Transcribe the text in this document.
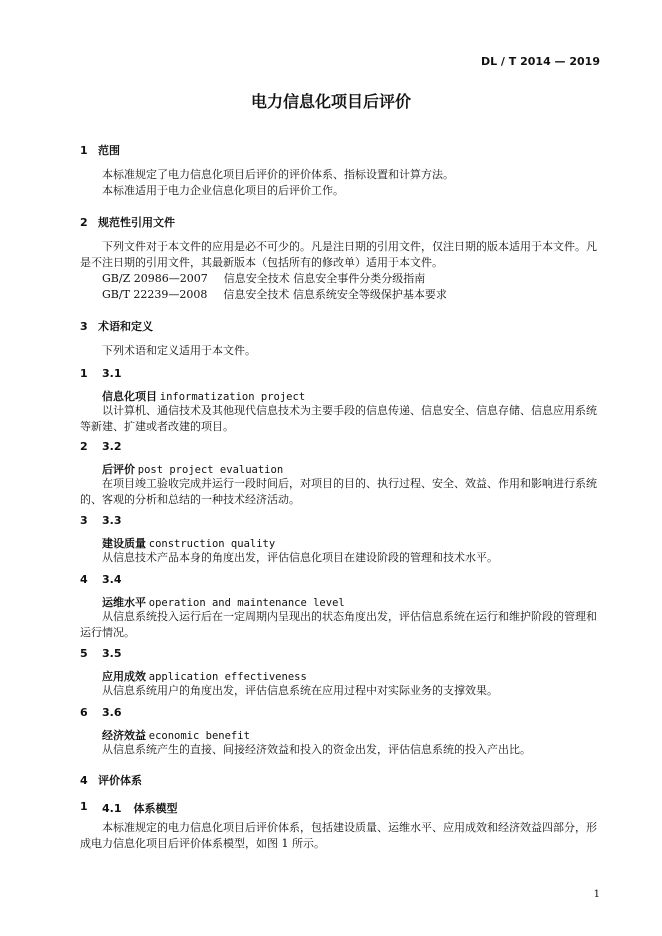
DL / T 2014 — 2019
电力信息化项目后评价
1 范围
本标准规定了电力信息化项目后评价的评价体系、指标设置和计算方法。
本标准适用于电力企业信息化项目的后评价工作。
2 规范性引用文件
下列文件对于本文件的应用是必不可少的。凡是注日期的引用文件，仅注日期的版本适用于本文件。凡是不注日期的引用文件，其最新版本（包括所有的修改单）适用于本文件。
GB/Z 20986—2007 信息安全技术 信息安全事件分类分级指南
GB/T 22239—2008 信息安全技术 信息系统安全等级保护基本要求
3 术语和定义
下列术语和定义适用于本文件。
1 3.1
信息化项目 informatization project
以计算机、通信技术及其他现代信息技术为主要手段的信息传递、信息安全、信息存储、信息应用系统等新建、扩建或者改建的项目。
2 3.2
后评价 post project evaluation
在项目竣工验收完成并运行一段时间后，对项目的目的、执行过程、安全、效益、作用和影响进行系统的、客观的分析和总结的一种技术经济活动。
3 3.3
建设质量 construction quality
从信息技术产品本身的角度出发，评估信息化项目在建设阶段的管理和技术水平。
4 3.4
运维水平 operation and maintenance level
从信息系统投入运行后在一定周期内呈现出的状态角度出发，评估信息系统在运行和维护阶段的管理和运行情况。
5 3.5
应用成效 application effectiveness
从信息系统用户的角度出发，评估信息系统在应用过程中对实际业务的支撑效果。
6 3.6
经济效益 economic benefit
从信息系统产生的直接、间接经济效益和投入的资金出发，评估信息系统的投入产出比。
4 评价体系
1 4.1 体系模型
本标准规定的电力信息化项目后评价体系，包括建设质量、运维水平、应用成效和经济效益四部分，形成电力信息化项目后评价体系模型，如图 1 所示。
1
